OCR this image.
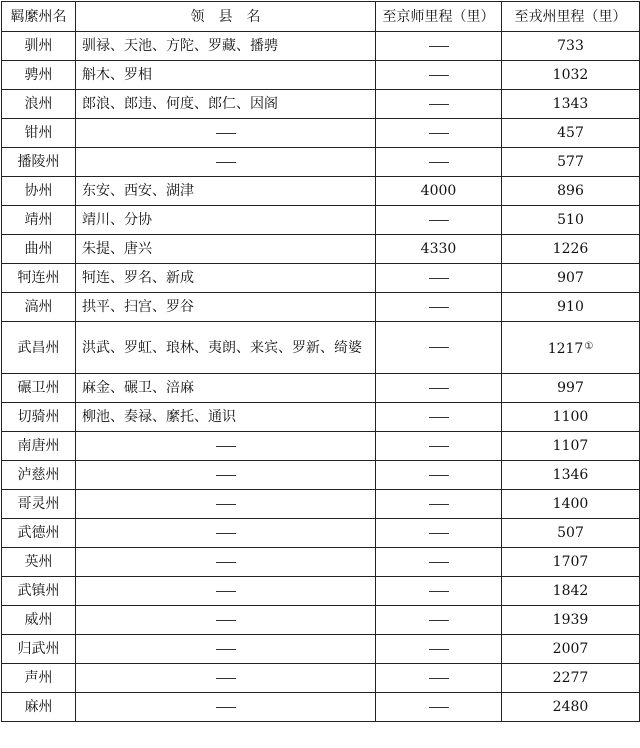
羁縻州名	领　县　名	至京师里程（里）	至戎州里程（里）
驯州	驯禄、天池、方陀、罗藏、播骋		733
骋州	斛木、罗相		1032
浪州	郎浪、郎违、何度、郎仁、因阁		1343
钳州			457
播陵州			577
协州	东安、西安、湖津	4000	896
靖州	靖川、分协		510
曲州	朱提、唐兴	4330	1226
牱连州	牱连、罗名、新成		907
滈州	拱平、扫宫、罗谷		910
武昌州	洪武、罗虹、琅林、夷朗、来宾、罗新、绮婆		1217①
碾卫州	麻金、碾卫、涪麻		997
切骑州	柳池、奏禄、縻托、通识		1100
南唐州			1107
泸慈州			1346
哥灵州			1400
武德州			507
英州			1707
武镇州			1842
威州			1939
归武州			2007
声州			2277
麻州			2480
